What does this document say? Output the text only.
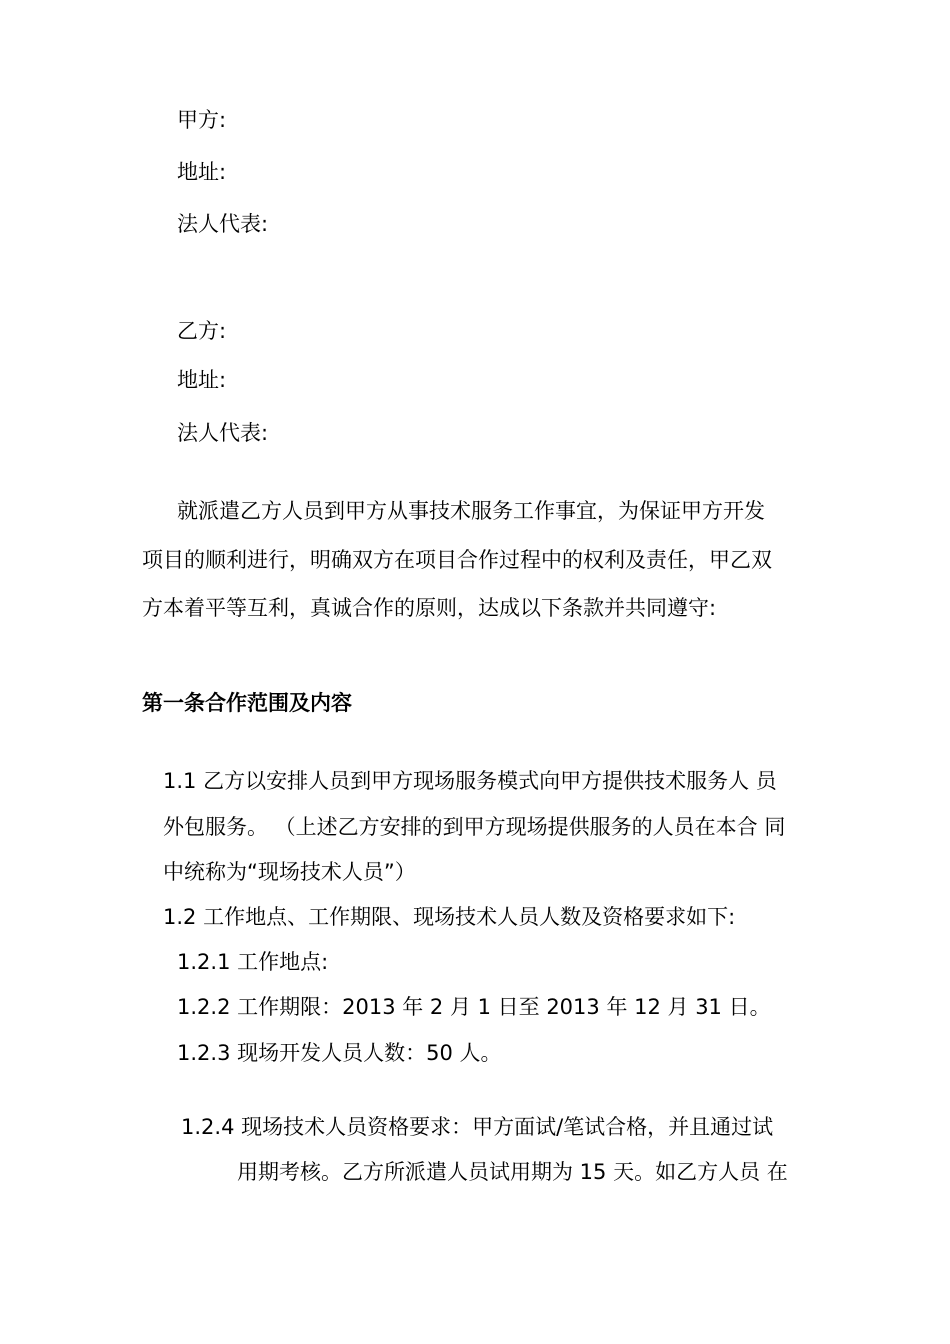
甲方:
地址:
法人代表:
乙方:
地址:
法人代表:
就派遣乙方人员到甲方从事技术服务工作事宜，为保证甲方开发
项目的顺利进行，明确双方在项目合作过程中的权利及责任，甲乙双
方本着平等互利，真诚合作的原则，达成以下条款并共同遵守:
第一条合作范围及内容
1.1 乙方以安排人员到甲方现场服务模式向甲方提供技术服务人 员
外包服务。 （上述乙方安排的到甲方现场提供服务的人员在本合 同
中统称为“现场技术人员”）
1.2 工作地点、工作期限、现场技术人员人数及资格要求如下:
1.2.1 工作地点:
1.2.2 工作期限：2013 年 2 月 1 日至 2013 年 12 月 31 日。
1.2.3 现场开发人员人数：50 人。
1.2.4 现场技术人员资格要求：甲方面试/笔试合格，并且通过试
用期考核。乙方所派遣人员试用期为 15 天。如乙方人员 在
